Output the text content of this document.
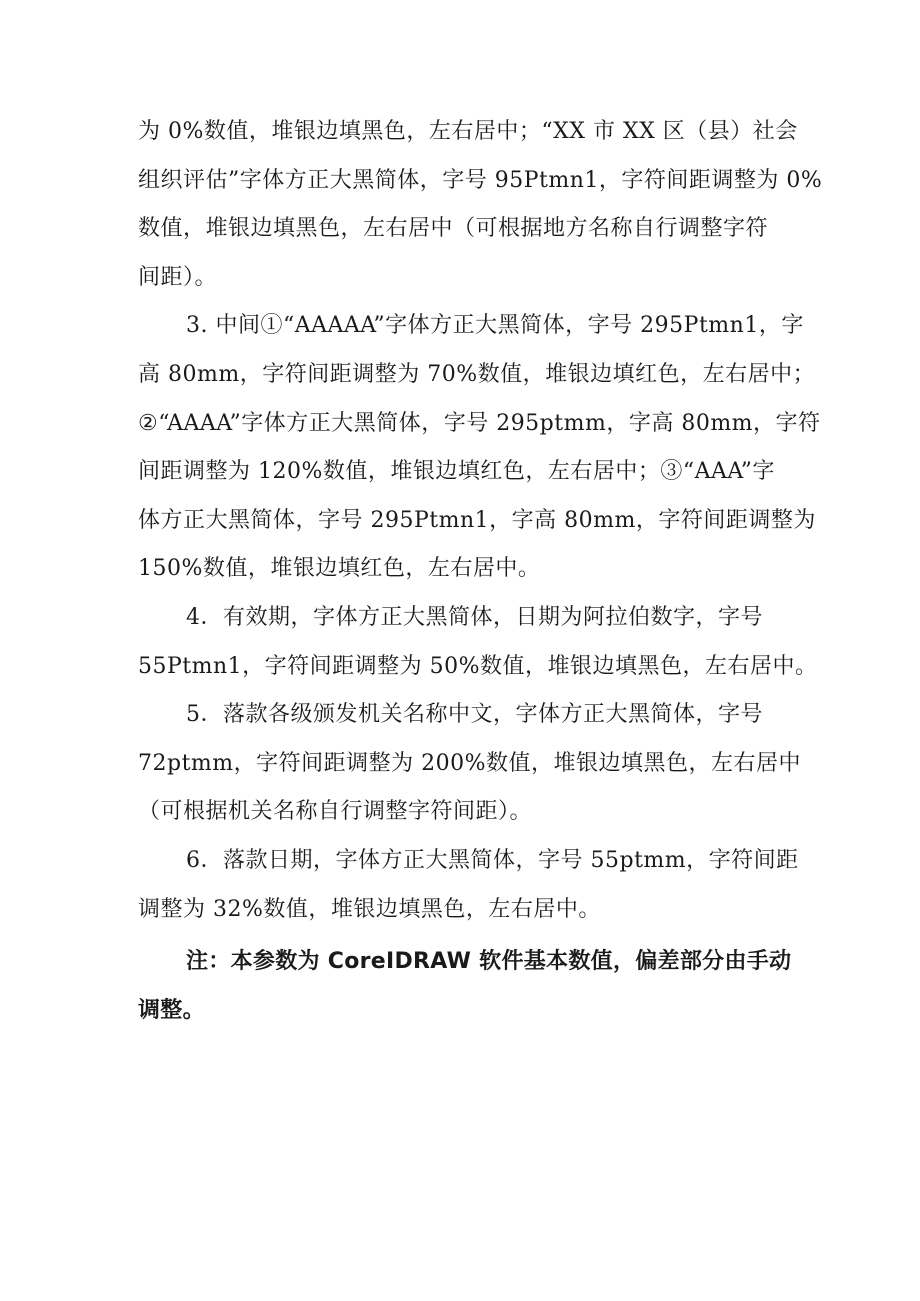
为 0%数值，堆银边填黑色，左右居中；“XX 市 XX 区（县）社会
组织评估”字体方正大黑简体，字号 95Ptmn1，字符间距调整为 0%
数值，堆银边填黑色，左右居中（可根据地方名称自行调整字符
间距）。
3. 中间①“AAAAA”字体方正大黑简体，字号 295Ptmn1，字
高 80mm，字符间距调整为 70%数值，堆银边填红色，左右居中；
②“AAAA”字体方正大黑简体，字号 295ptmm，字高 80mm，字符
间距调整为 120%数值，堆银边填红色，左右居中；③“AAA”字
体方正大黑简体，字号 295Ptmn1，字高 80mm，字符间距调整为
150%数值，堆银边填红色，左右居中。
4．有效期，字体方正大黑简体，日期为阿拉伯数字，字号
55Ptmn1，字符间距调整为 50%数值，堆银边填黑色，左右居中。
5．落款各级颁发机关名称中文，字体方正大黑简体，字号
72ptmm，字符间距调整为 200%数值，堆银边填黑色，左右居中
（可根据机关名称自行调整字符间距）。
6．落款日期，字体方正大黑简体，字号 55ptmm，字符间距
调整为 32%数值，堆银边填黑色，左右居中。
注：本参数为 CoreIDRAW 软件基本数值，偏差部分由手动
调整。
